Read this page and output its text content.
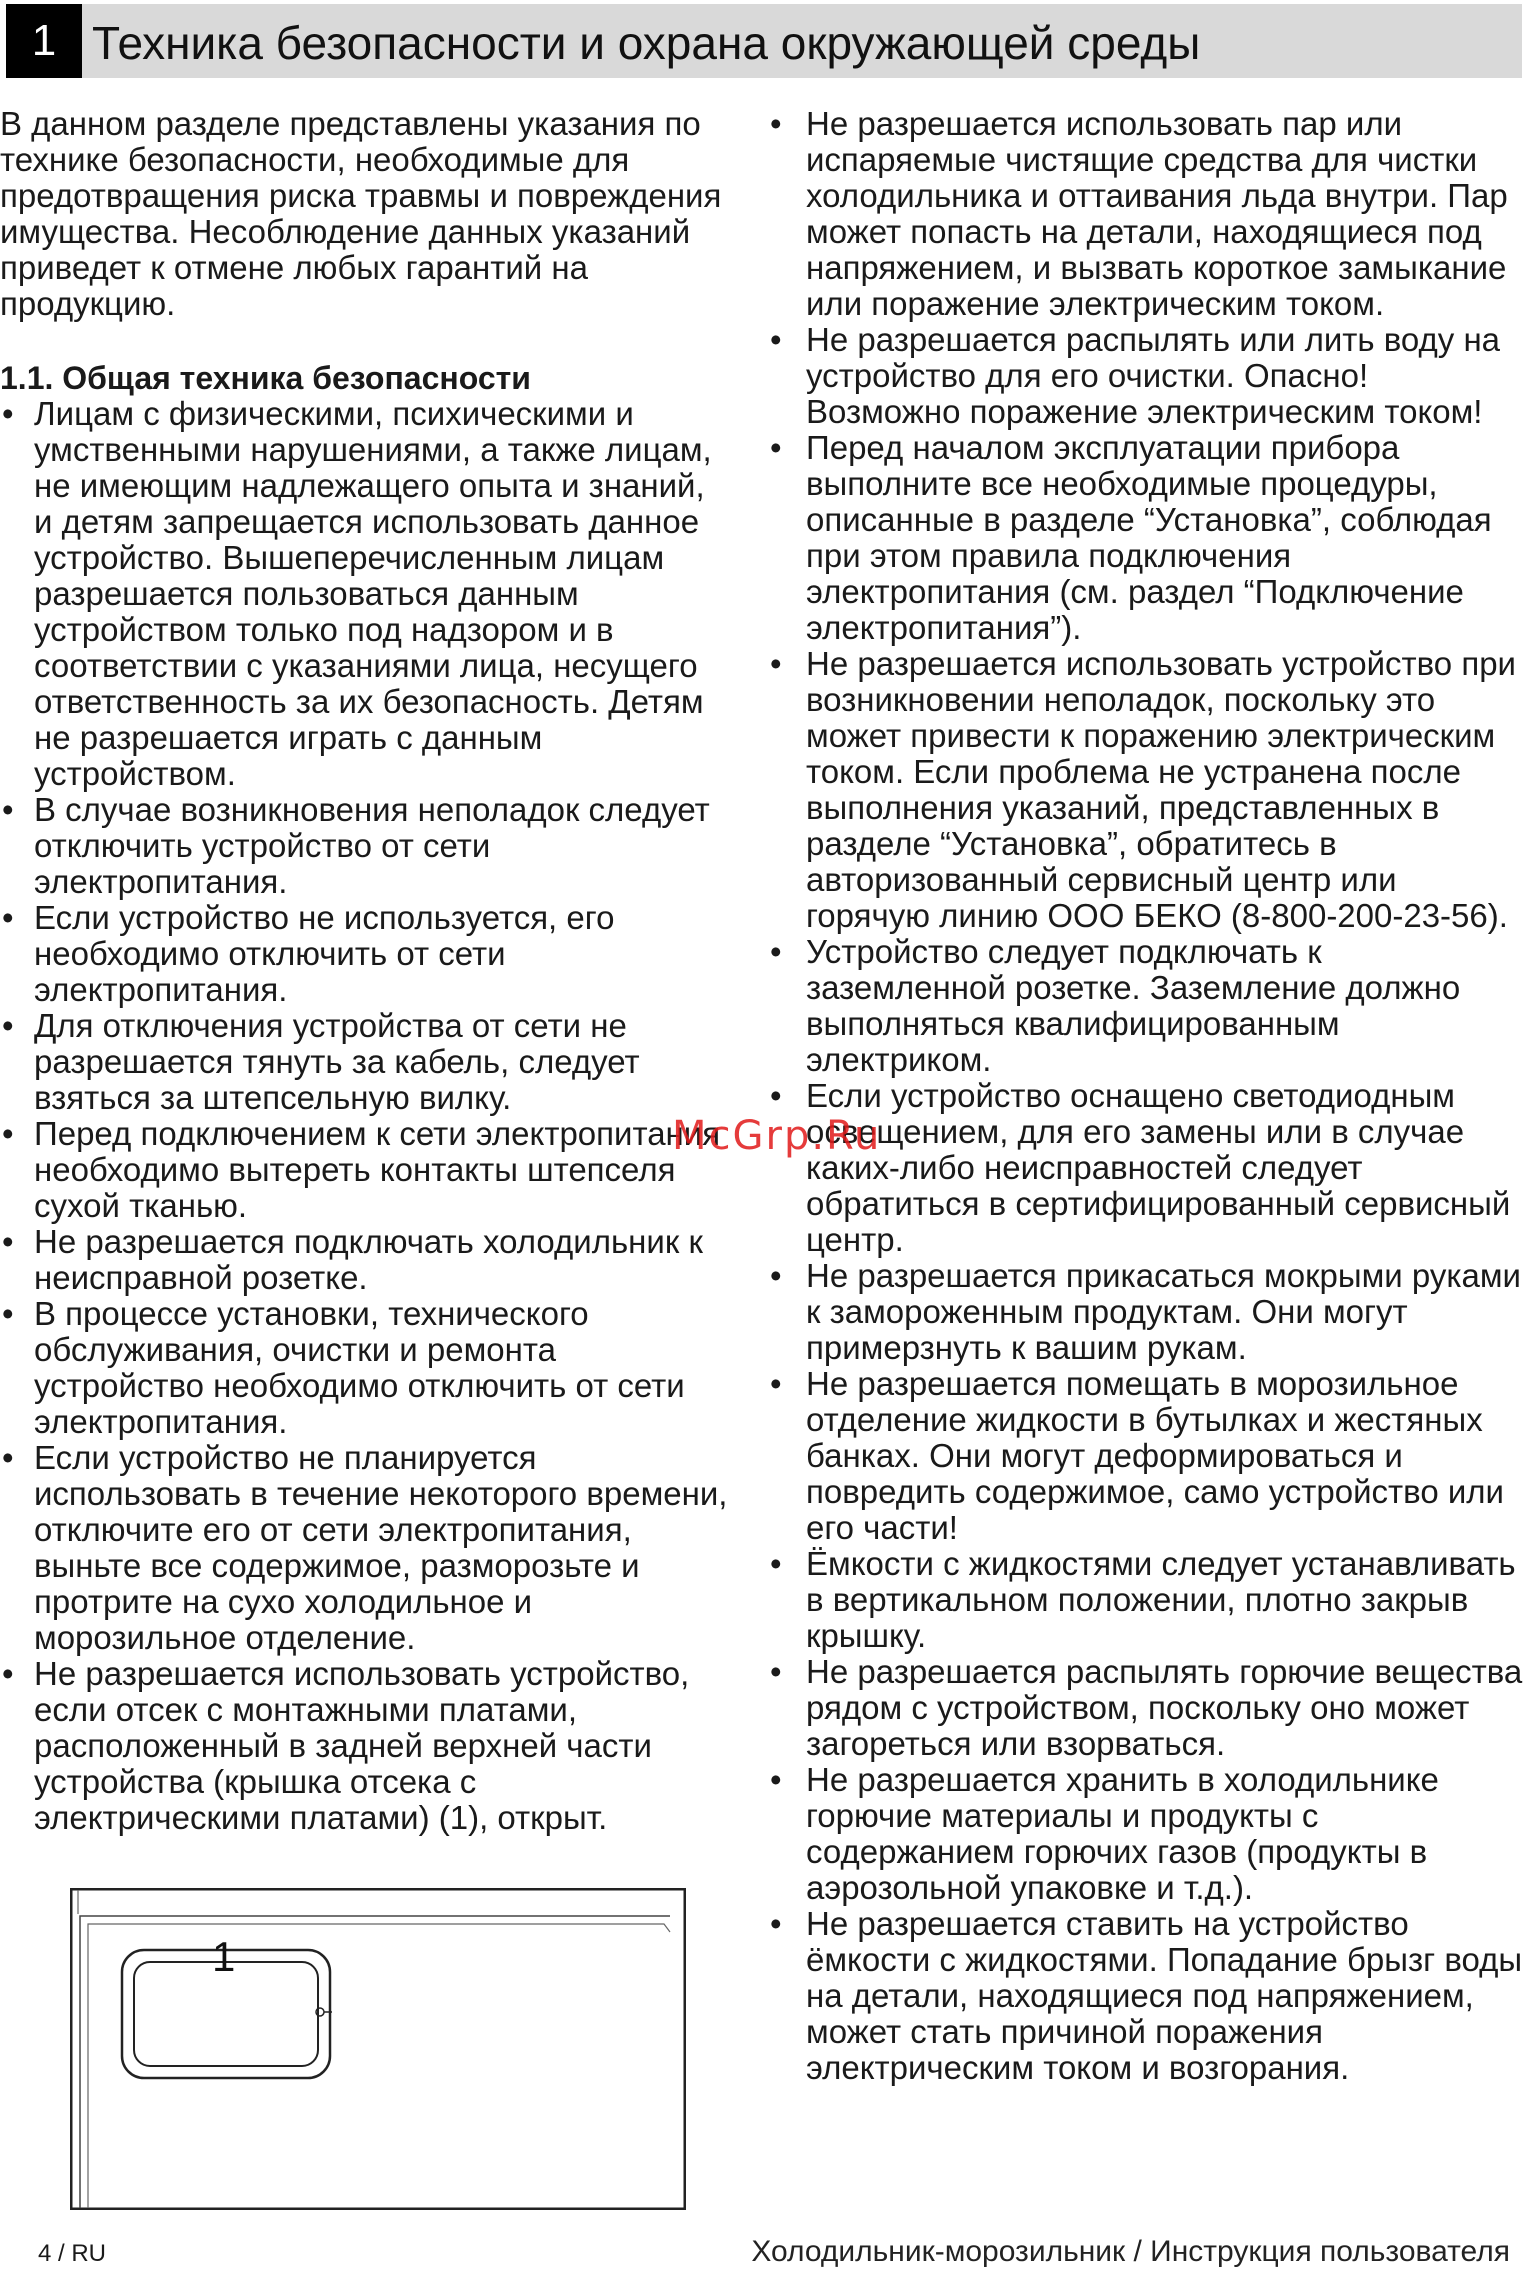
1 Техника безопасности и охрана окружающей среды

В данном разделе представлены указания по технике безопасности, необходимые для предотвращения риска травмы и повреждения имущества. Несоблюдение данных указаний приведет к отмене любых гарантий на продукцию.

1.1. Общая техника безопасности
• Лицам с физическими, психическими и умственными нарушениями, а также лицам, не имеющим надлежащего опыта и знаний, и детям запрещается использовать данное устройство. Вышеперечисленным лицам разрешается пользоваться данным устройством только под надзором и в соответствии с указаниями лица, несущего ответственность за их безопасность. Детям не разрешается играть с данным устройством.
• В случае возникновения неполадок следует отключить устройство от сети электропитания.
• Если устройство не используется, его необходимо отключить от сети электропитания.
• Для отключения устройства от сети не разрешается тянуть за кабель, следует взяться за штепсельную вилку.
• Перед подключением к сети электропитания необходимо вытереть контакты штепселя сухой тканью.
• Не разрешается подключать холодильник к неисправной розетке.
• В процессе установки, технического обслуживания, очистки и ремонта устройство необходимо отключить от сети электропитания.
• Если устройство не планируется использовать в течение некоторого времени, отключите его от сети электропитания, выньте все содержимое, разморозьте и протрите на сухо холодильное и морозильное отделение.
• Не разрешается использовать устройство, если отсек с монтажными платами, расположенный в задней верхней части устройства (крышка отсека с электрическими платами) (1), открыт.
• Не разрешается использовать пар или испаряемые чистящие средства для чистки холодильника и оттаивания льда внутри. Пар может попасть на детали, находящиеся под напряжением, и вызвать короткое замыкание или поражение электрическим током.
• Не разрешается распылять или лить воду на устройство для его очистки. Опасно! Возможно поражение электрическим током!
• Перед началом эксплуатации прибора выполните все необходимые процедуры, описанные в разделе “Установка”, соблюдая при этом правила подключения электропитания (см. раздел “Подключение электропитания”).
• Не разрешается использовать устройство при возникновении неполадок, поскольку это может привести к поражению электрическим током. Если проблема не устранена после выполнения указаний, представленных в разделе “Установка”, обратитесь в авторизованный сервисный центр или горячую линию ООО БЕКО (8-800-200-23-56).
• Устройство следует подключать к заземленной розетке. Заземление должно выполняться квалифицированным электриком.
• Если устройство оснащено светодиодным освещением, для его замены или в случае каких-либо неисправностей следует обратиться в сертифицированный сервисный центр.
• Не разрешается прикасаться мокрыми руками к замороженным продуктам. Они могут примерзнуть к вашим рукам.
• Не разрешается помещать в морозильное отделение жидкости в бутылках и жестяных банках. Они могут деформироваться и повредить содержимое, само устройство или его части!
• Ёмкости с жидкостями следует устанавливать в вертикальном положении, плотно закрыв крышку.
• Не разрешается распылять горючие вещества рядом с устройством, поскольку оно может загореться или взорваться.
• Не разрешается хранить в холодильнике горючие материалы и продукты с содержанием горючих газов (продукты в аэрозольной упаковке и т.д.).
• Не разрешается ставить на устройство ёмкости с жидкостями. Попадание брызг воды на детали, находящиеся под напряжением, может стать причиной поражения электрическим током и возгорания.
1
McGrp.Ru
4 / RU	Холодильник-морозильник / Инструкция пользователя
